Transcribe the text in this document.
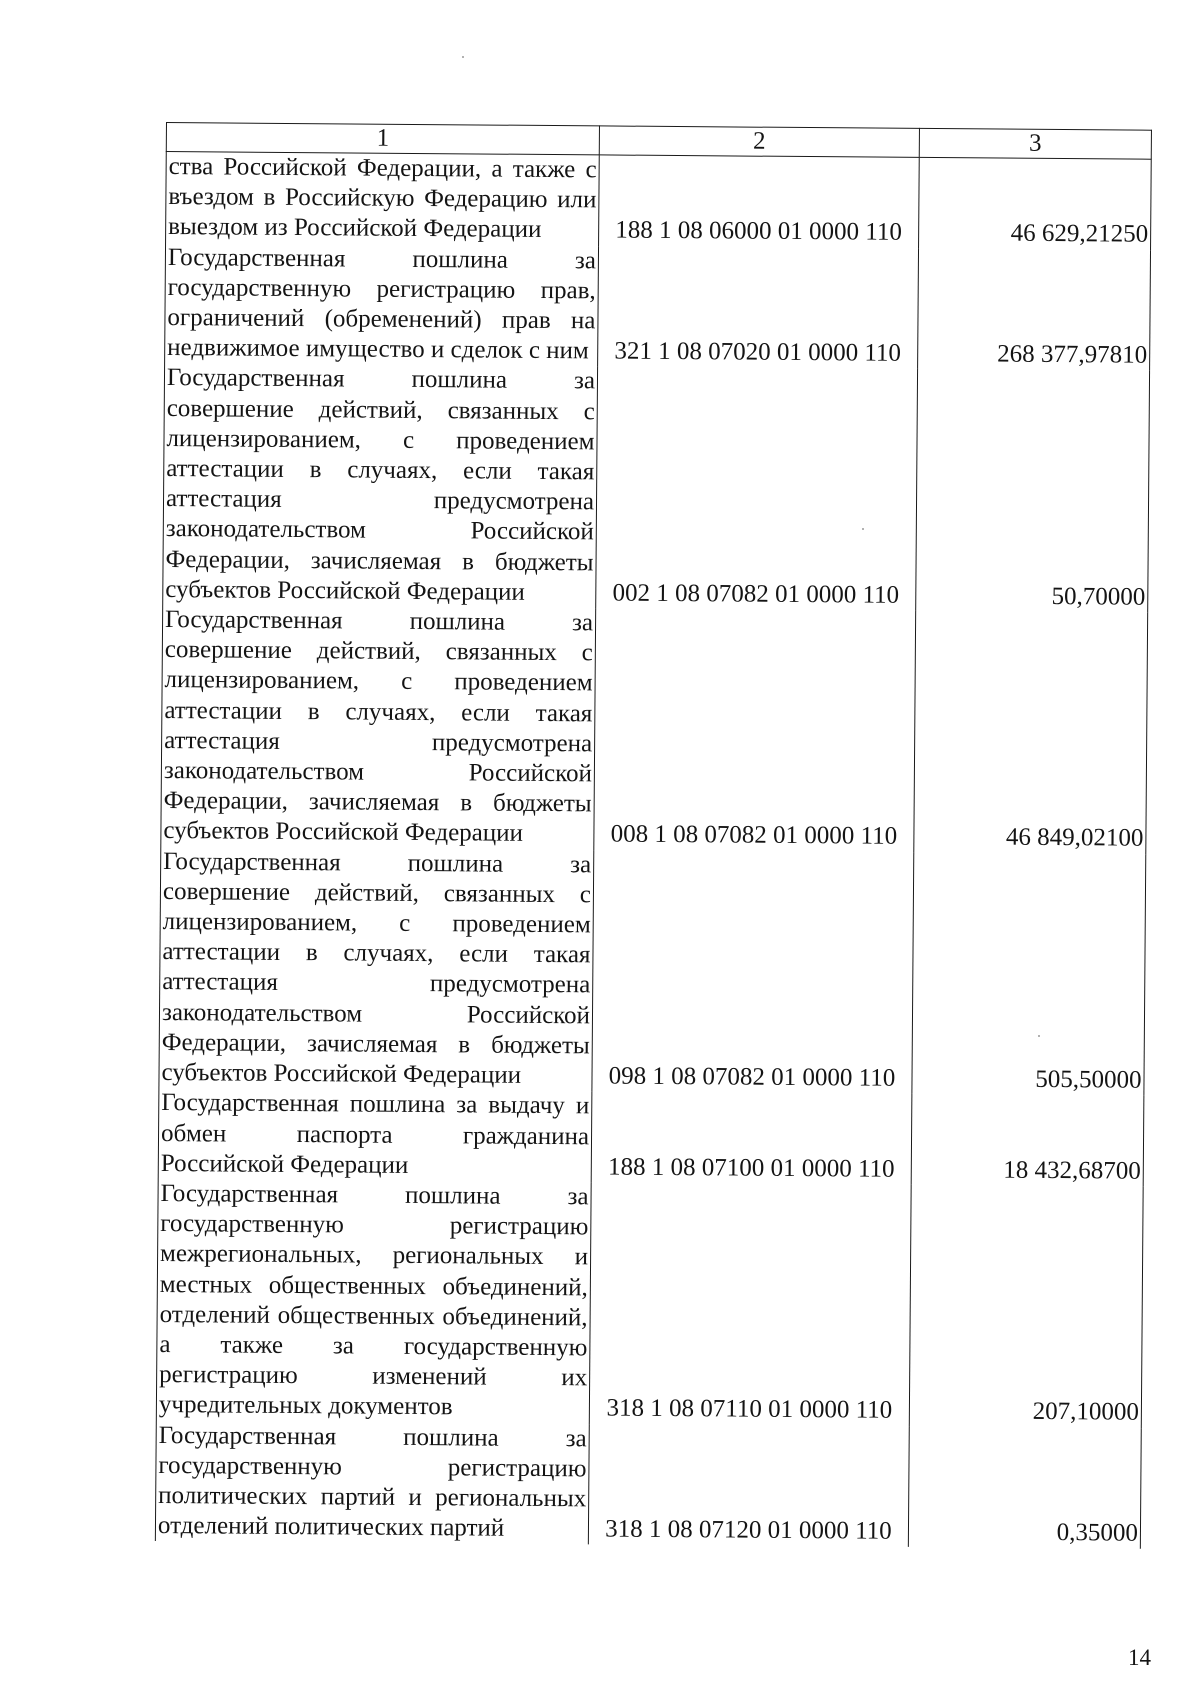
1	2	3
ства Российской Федерации, а также с въездом в Российскую Федерацию или выездом из Российской Федерации	188 1 08 06000 01 0000 110	46 629,21250
Государственная пошлина за государственную регистрацию прав, ограничений (обременений) прав на недвижимое имущество и сделок с ним	321 1 08 07020 01 0000 110	268 377,97810
Государственная пошлина за совершение действий, связанных с лицензированием, с проведением аттестации в случаях, если такая аттестация предусмотрена законодательством Российской Федерации, зачисляемая в бюджеты субъектов Российской Федерации	002 1 08 07082 01 0000 110	50,70000
Государственная пошлина за совершение действий, связанных с лицензированием, с проведением аттестации в случаях, если такая аттестация предусмотрена законодательством Российской Федерации, зачисляемая в бюджеты субъектов Российской Федерации	008 1 08 07082 01 0000 110	46 849,02100
Государственная пошлина за совершение действий, связанных с лицензированием, с проведением аттестации в случаях, если такая аттестация предусмотрена законодательством Российской Федерации, зачисляемая в бюджеты субъектов Российской Федерации	098 1 08 07082 01 0000 110	505,50000
Государственная пошлина за выдачу и обмен паспорта гражданина Российской Федерации	188 1 08 07100 01 0000 110	18 432,68700
Государственная пошлина за государственную регистрацию межрегиональных, региональных и местных общественных объединений, отделений общественных объединений, а также за государственную регистрацию изменений их учредительных документов	318 1 08 07110 01 0000 110	207,10000
Государственная пошлина за государственную регистрацию политических партий и региональных отделений политических партий	318 1 08 07120 01 0000 110	0,35000
14
